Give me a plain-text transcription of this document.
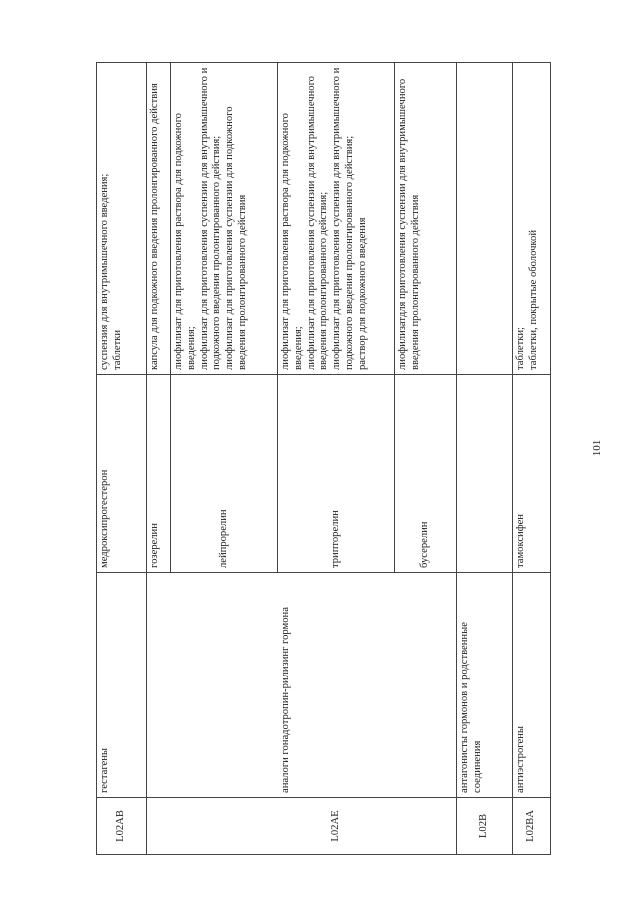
L02AB	гестагены	медроксипрогестерон	суспензия для внутримышечного введения; таблетки

		гозерелин	капсула для подкожного введения пролонгированного действия

		лейпрорелин	лиофилизат для приготовления раствора для подкожного введения; лиофилизат для приготовления суспензии для внутримышечного и подкожного введения пролонгированного действия; лиофилизат для приготовления суспензии для подкожного введения пролонгированного действия

L02AE	аналоги гонадотропин-рилизинг гормона	трипторелин	лиофилизат для приготовления раствора для подкожного введения; лиофилизат для приготовления суспензии для внутримышечного введения пролонгированного действия; лиофилизат для приготовления суспензии для внутримышечного и подкожного введения пролонгированного действия; раствор для подкожного введения

		бусерелин	лиофилизатдля приготовления суспензии для внутримышечного введения пролонгированного действия

L02B	антагонисты гормонов и родственные соединения		
L02BA	антиэстрогены	тамоксифен	таблетки; таблетки, покрытые оболочкой
101
